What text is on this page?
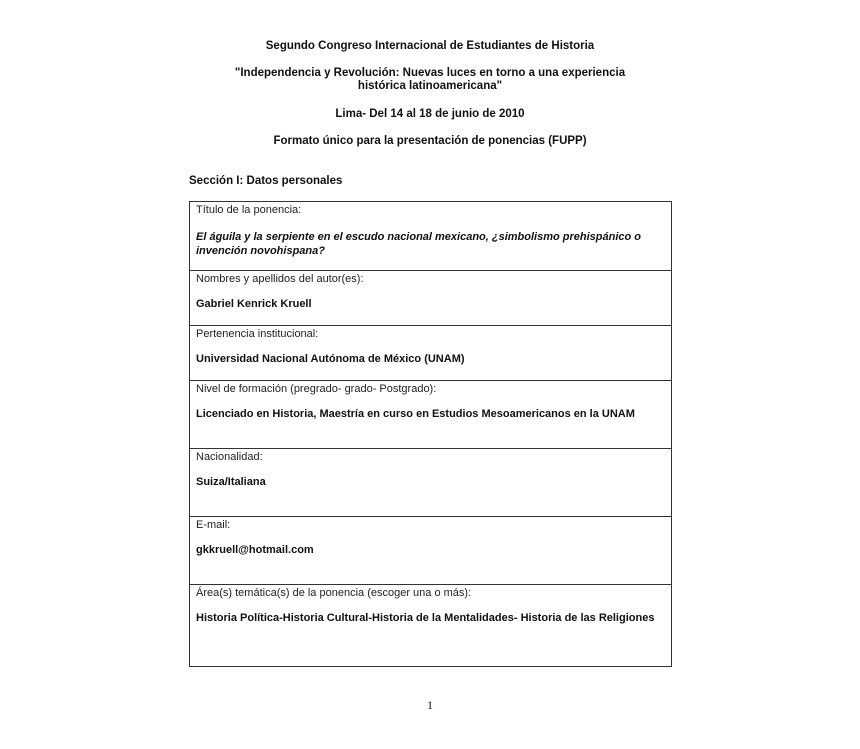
Segundo Congreso Internacional de Estudiantes de Historia
"Independencia y Revolución: Nuevas luces en torno a una experiencia
histórica latinoamericana"
Lima- Del 14 al 18 de junio de 2010
Formato único para la presentación de ponencias (FUPP)
Sección I: Datos personales
Título de la ponencia:
El águila y la serpiente en el escudo nacional mexicano, ¿simbolismo prehispánico o invención novohispana?
Nombres y apellidos del autor(es):
Gabriel Kenrick Kruell
Pertenencia institucional:
Universidad Nacional Autónoma de México (UNAM)
Nivel de formación (pregrado- grado- Postgrado):
Licenciado en Historia, Maestría en curso en Estudios Mesoamericanos en la UNAM
Nacionalidad:
Suiza/Italiana
E-mail:
gkkruell@hotmail.com
Área(s) temática(s) de la ponencia (escoger una o más):
Historia Política-Historia Cultural-Historia de la Mentalidades- Historia de las Religiones
1
